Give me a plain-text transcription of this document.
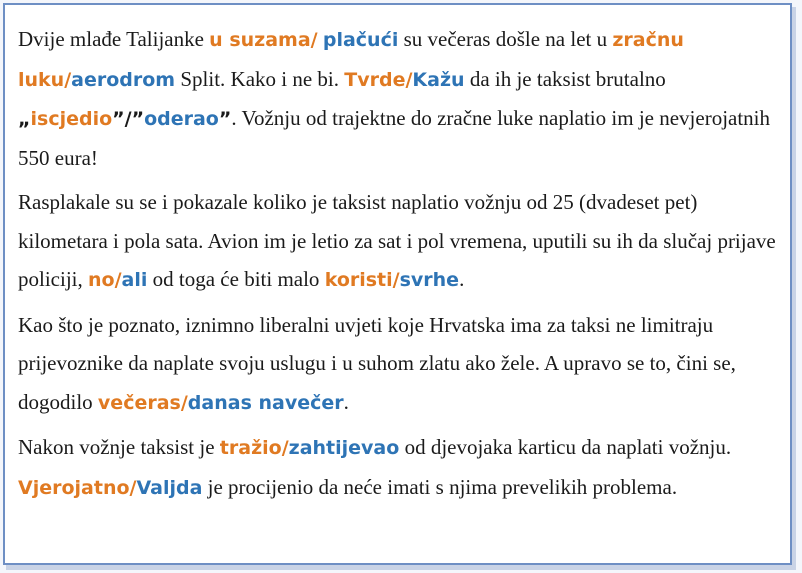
Dvije mlađe Talijanke u suzama/ plačući su večeras došle na let u zračnu luku/aerodrom Split. Kako i ne bi. Tvrde/Kažu da ih je taksist brutalno „iscjedio”/”oderao”. Vožnju od trajektne do zračne luke naplatio im je nevjerojatnih 550 eura!

Rasplakale su se i pokazale koliko je taksist naplatio vožnju od 25 (dvadeset pet) kilometara i pola sata. Avion im je letio za sat i pol vremena, uputili su ih da slučaj prijave policiji, no/ali od toga će biti malo koristi/svrhe.

Kao što je poznato, iznimno liberalni uvjeti koje Hrvatska ima za taksi ne limitraju prijevoznike da naplate svoju uslugu i u suhom zlatu ako žele. A upravo se to, čini se, dogodilo večeras/danas navečer.

Nakon vožnje taksist je tražio/zahtijevao od djevojaka karticu da naplati vožnju. Vjerojatno/Valjda je procijenio da neće imati s njima prevelikih problema.
